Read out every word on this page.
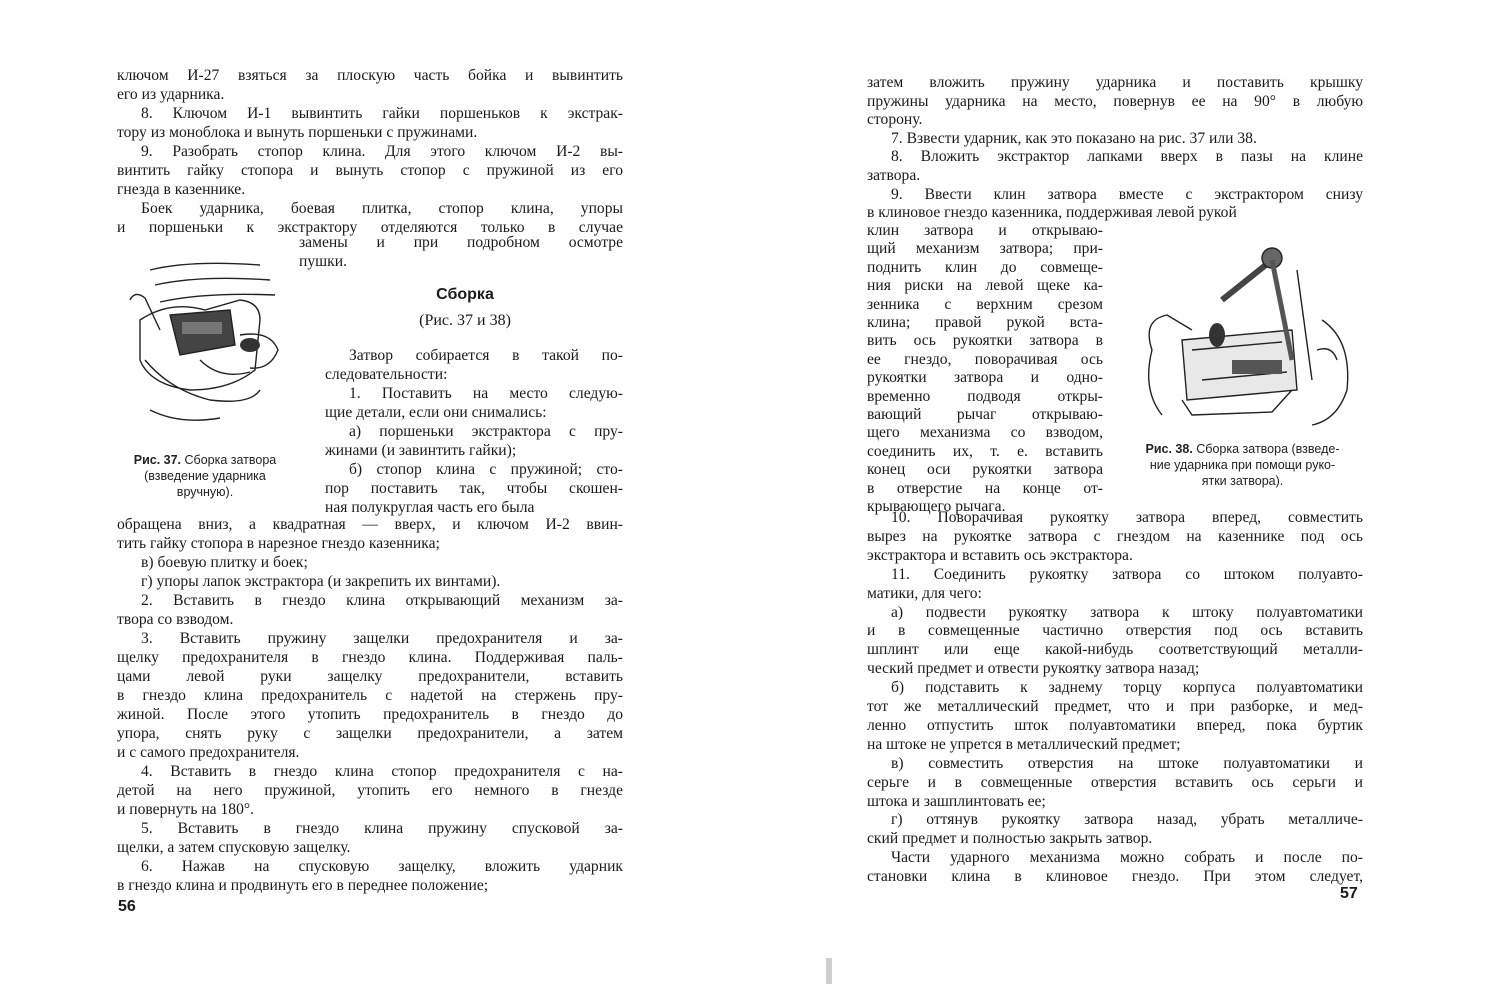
ключом И-27 взяться за плоскую часть бойка и вывинтить
его из ударника.
8. Ключом И-1 вывинтить гайки поршеньков к экстрак-
тору из моноблока и вынуть поршеньки с пружинами.
9. Разобрать стопор клина. Для этого ключом И-2 вы-
винтить гайку стопора и вынуть стопор с пружиной из его
гнезда в казеннике.
Боек ударника, боевая плитка, стопор клина, упоры
и поршеньки к экстрактору отделяются только в случае
замены и при подробном осмотре
пушки.
Сборка
(Рис. 37 и 38)
Затвор собирается в такой по-
следовательности:
1. Поставить на место следую-
щие детали, если они снимались:
а) поршеньки экстрактора с пру-
жинами (и завинтить гайки);
б) стопор клина с пружиной; сто-
пор поставить так, чтобы скошен-
ная полукруглая часть его была
Рис. 37. Сборка затвора
(взведение ударника
вручную).
обращена вниз, а квадратная — вверх, и ключом И-2 ввин-
тить гайку стопора в нарезное гнездо казенника;
в) боевую плитку и боек;
г) упоры лапок экстрактора (и закрепить их винтами).
2. Вставить в гнездо клина открывающий механизм за-
твора со взводом.
3. Вставить пружину защелки предохранителя и за-
щелку предохранителя в гнездо клина. Поддерживая паль-
цами левой руки защелку предохранители, вставить
в гнездо клина предохранитель с надетой на стержень пру-
жиной. После этого утопить предохранитель в гнездо до
упора, снять руку с защелки предохранители, а затем
и с самого предохранителя.
4. Вставить в гнездо клина стопор предохранителя с на-
детой на него пружиной, утопить его немного в гнезде
и повернуть на 180°.
5. Вставить в гнездо клина пружину спусковой за-
щелки, а затем спусковую защелку.
6. Нажав на спусковую защелку, вложить ударник
в гнездо клина и продвинуть его в переднее положение;
56
затем вложить пружину ударника и поставить крышку
пружины ударника на место, повернув ее на 90° в любую
сторону.
7. Взвести ударник, как это показано на рис. 37 или 38.
8. Вложить экстрактор лапками вверх в пазы на клине
затвора.
9. Ввести клин затвора вместе с экстрактором снизу
в клиновое гнездо казенника, поддерживая левой рукой
клин затвора и открываю-
щий механизм затвора; при-
поднить клин до совмеще-
ния риски на левой щеке ка-
зенника с верхним срезом
клина; правой рукой вста-
вить ось рукоятки затвора в
ее гнездо, поворачивая ось
рукоятки затвора и одно-
временно подводя откры-
вающий рычаг открываю-
щего механизма со взводом,
соединить их, т. е. вставить
конец оси рукоятки затвора
в отверстие на конце от-
крывающего рычага.
Рис. 38. Сборка затвора (взведе-
ние ударника при помощи руко-
ятки затвора).
10. Поворачивая рукоятку затвора вперед, совместить
вырез на рукоятке затвора с гнездом на казеннике под ось
экстрактора и вставить ось экстрактора.
11. Соединить рукоятку затвора со штоком полуавто-
матики, для чего:
а) подвести рукоятку затвора к штоку полуавтоматики
и в совмещенные частично отверстия под ось вставить
шплинт или еще какой-нибудь соответствующий металли-
ческий предмет и отвести рукоятку затвора назад;
б) подставить к заднему торцу корпуса полуавтоматики
тот же металлический предмет, что и при разборке, и мед-
ленно отпустить шток полуавтоматики вперед, пока буртик
на штоке не упрется в металлический предмет;
в) совместить отверстия на штоке полуавтоматики и
серьге и в совмещенные отверстия вставить ось серьги и
штока и зашплинтовать ее;
г) оттянув рукоятку затвора назад, убрать металличе-
ский предмет и полностью закрыть затвор.
Части ударного механизма можно собрать и после по-
становки клина в клиновое гнездо. При этом следует,
57
